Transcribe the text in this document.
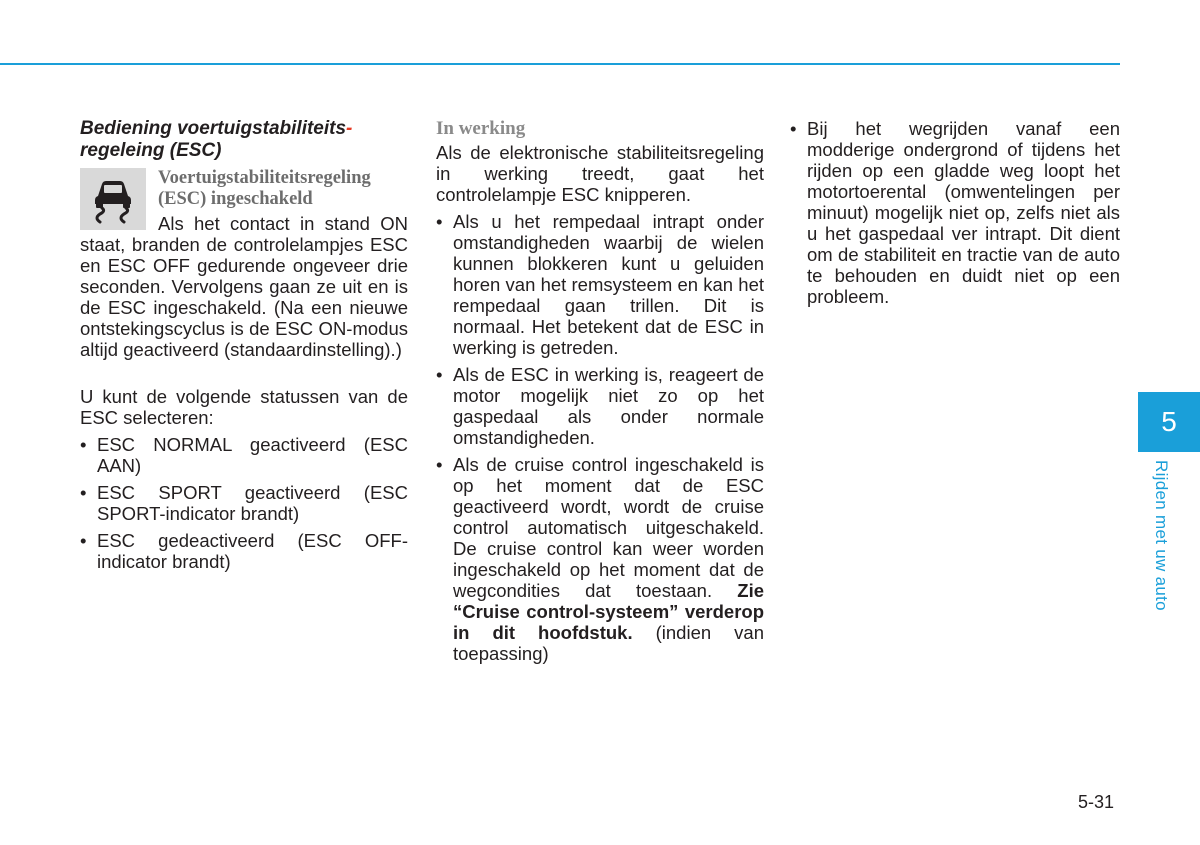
Bediening voertuigstabiliteits-
regeleing (ESC)

Voertuigstabiliteitsregeling
(ESC) ingeschakeld

Als het contact in stand ON staat, branden de controlelampjes ESC en ESC OFF gedurende ongeveer drie seconden. Vervolgens gaan ze uit en is de ESC ingeschakeld. (Na een nieuwe ontstekingscyclus is de ESC ON-modus altijd geactiveerd (standaardinstelling).)

U kunt de volgende statussen van de ESC selecteren:

• ESC NORMAL geactiveerd (ESC AAN)
• ESC SPORT geactiveerd (ESC SPORT-indicator brandt)
• ESC gedeactiveerd (ESC OFF-indicator brandt)

In werking

Als de elektronische stabiliteitsregeling in werking treedt, gaat het controlelampje ESC knipperen.

• Als u het rempedaal intrapt onder omstandigheden waarbij de wielen kunnen blokkeren kunt u geluiden horen van het remsysteem en kan het rempedaal gaan trillen. Dit is normaal. Het betekent dat de ESC in werking is getreden.
• Als de ESC in werking is, reageert de motor mogelijk niet zo op het gaspedaal als onder normale omstandigheden.
• Als de cruise control ingeschakeld is op het moment dat de ESC geactiveerd wordt, wordt de cruise control automatisch uitgeschakeld. De cruise control kan weer worden ingeschakeld op het moment dat de wegcondities dat toestaan. Zie “Cruise control-systeem” verderop in dit hoofdstuk. (indien van toepassing)
• Bij het wegrijden vanaf een modderige ondergrond of tijdens het rijden op een gladde weg loopt het motortoerental (omwentelingen per minuut) mogelijk niet op, zelfs niet als u het gaspedaal ver intrapt. Dit dient om de stabiliteit en tractie van de auto te behouden en duidt niet op een probleem.
5
Rijden met uw auto
5-31
